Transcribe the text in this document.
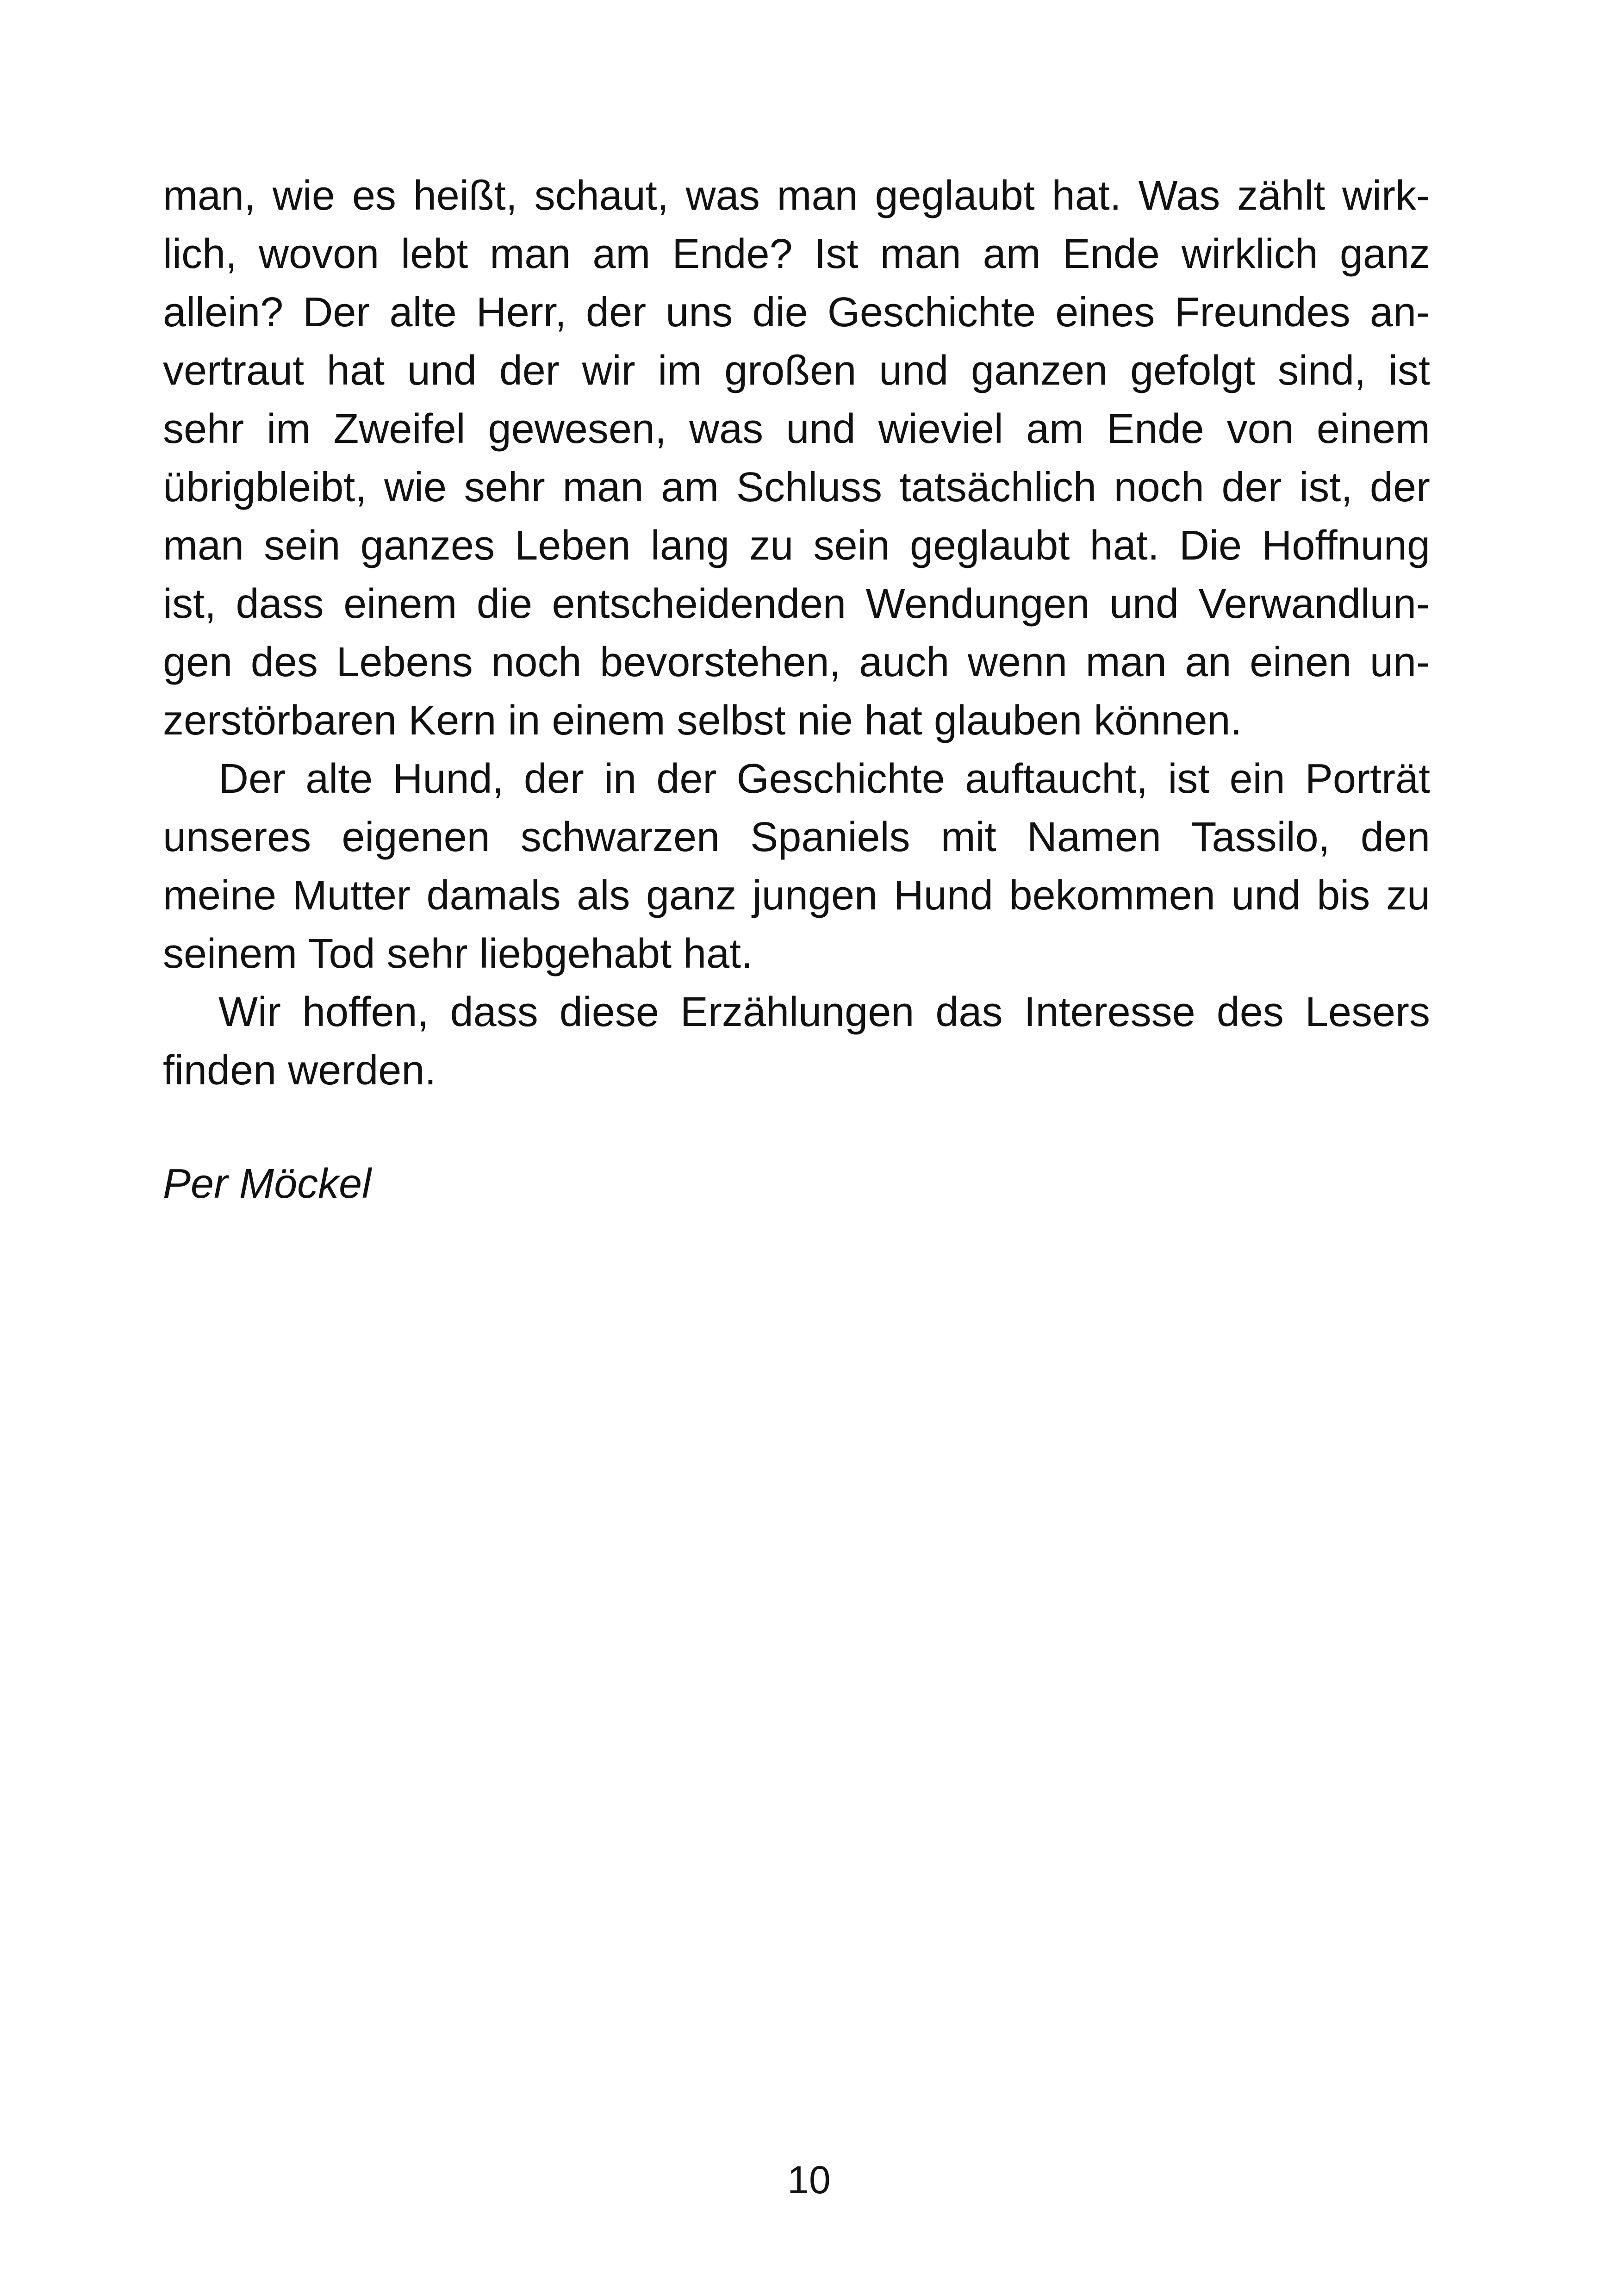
man, wie es heißt, schaut, was man geglaubt hat. Was zählt wirk-
lich, wovon lebt man am Ende? Ist man am Ende wirklich ganz
allein? Der alte Herr, der uns die Geschichte eines Freundes an-
vertraut hat und der wir im großen und ganzen gefolgt sind, ist
sehr im Zweifel gewesen, was und wieviel am Ende von einem
übrigbleibt, wie sehr man am Schluss tatsächlich noch der ist, der
man sein ganzes Leben lang zu sein geglaubt hat. Die Hoffnung
ist, dass einem die entscheidenden Wendungen und Verwandlun-
gen des Lebens noch bevorstehen, auch wenn man an einen un-
zerstörbaren Kern in einem selbst nie hat glauben können.
Der alte Hund, der in der Geschichte auftaucht, ist ein Porträt
unseres eigenen schwarzen Spaniels mit Namen Tassilo, den
meine Mutter damals als ganz jungen Hund bekommen und bis zu
seinem Tod sehr liebgehabt hat.
Wir hoffen, dass diese Erzählungen das Interesse des Lesers
finden werden.
Per Möckel
10
